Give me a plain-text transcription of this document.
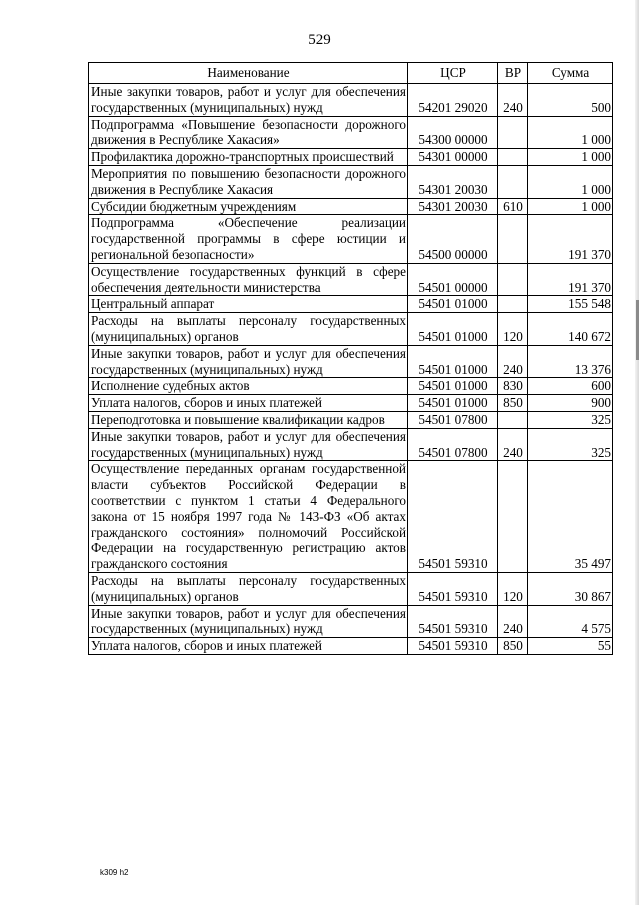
529
Наименование	ЦСР	ВР	Сумма
Иные закупки товаров, работ и услуг для обеспечения государственных (муниципальных) нужд	54201 29020	240	500
Подпрограмма «Повышение безопасности дорожного движения в Республике Хакасия»	54300 00000		1 000
Профилактика дорожно-транспортных происшествий	54301 00000		1 000
Мероприятия по повышению безопасности дорожного движения в Республике Хакасия	54301 20030		1 000
Субсидии бюджетным учреждениям	54301 20030	610	1 000
Подпрограмма «Обеспечение реализации государственной программы в сфере юстиции и региональной безопасности»	54500 00000		191 370
Осуществление государственных функций в сфере обеспечения деятельности министерства	54501 00000		191 370
Центральный аппарат	54501 01000		155 548
Расходы на выплаты персоналу государственных (муниципальных) органов	54501 01000	120	140 672
Иные закупки товаров, работ и услуг для обеспечения государственных (муниципальных) нужд	54501 01000	240	13 376
Исполнение судебных актов	54501 01000	830	600
Уплата налогов, сборов и иных платежей	54501 01000	850	900
Переподготовка и повышение квалификации кадров	54501 07800		325
Иные закупки товаров, работ и услуг для обеспечения государственных (муниципальных) нужд	54501 07800	240	325
Осуществление переданных органам государственной власти субъектов Российской Федерации в соответствии с пунктом 1 статьи 4 Федерального закона от 15 ноября 1997 года № 143-ФЗ «Об актах гражданского состояния» полномочий Российской Федерации на государственную регистрацию актов гражданского состояния	54501 59310		35 497
Расходы на выплаты персоналу государственных (муниципальных) органов	54501 59310	120	30 867
Иные закупки товаров, работ и услуг для обеспечения государственных (муниципальных) нужд	54501 59310	240	4 575
Уплата налогов, сборов и иных платежей	54501 59310	850	55
k309 h2
